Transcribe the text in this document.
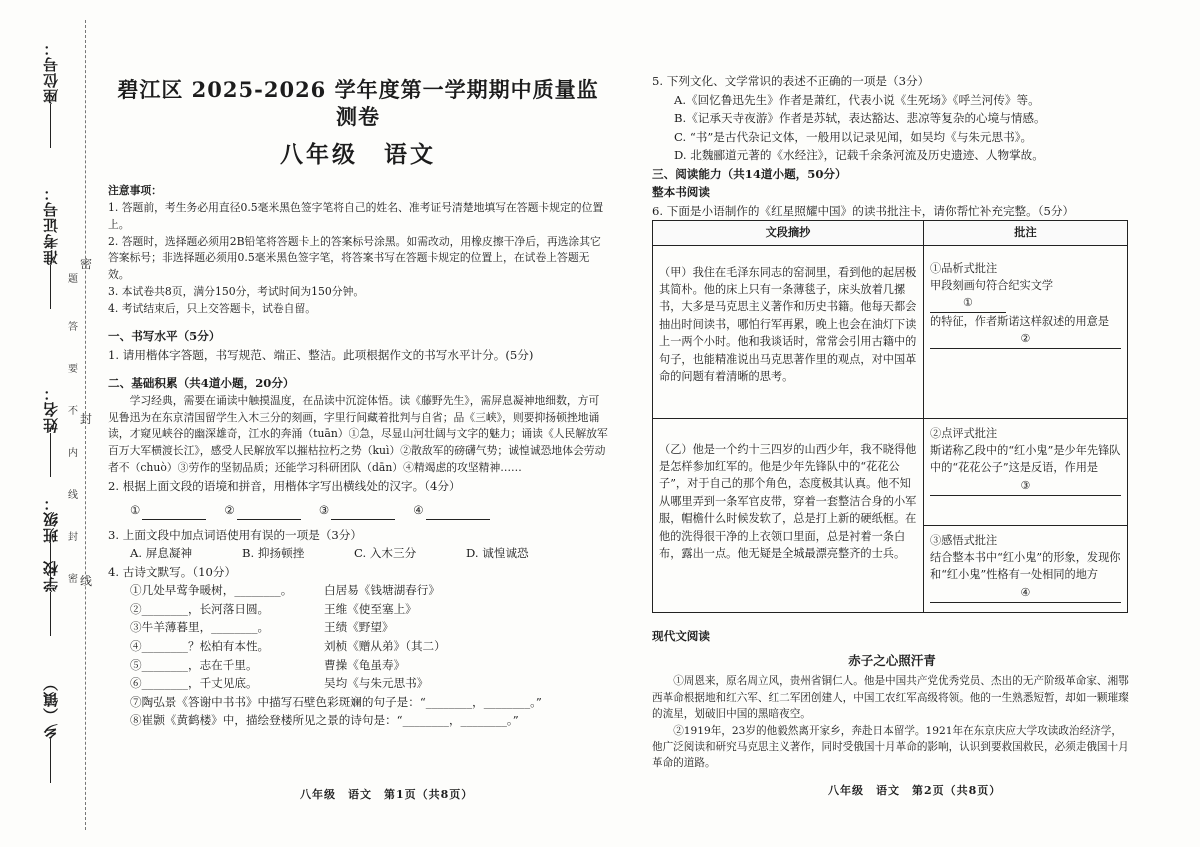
座位号：
准考证号：
姓名：
班级：
学校
乡（镇）
题
答
要
不
内
线
封
密
密
封
线
碧江区 2025-2026 学年度第一学期期中质量监测卷
八年级　语文
注意事项：

1. 答题前，考生务必用直径0.5毫米黑色签字笔将自己的姓名、准考证号清楚地填写在答题卡规定的位置上。

2. 答题时，选择题必须用2B铅笔将答题卡上的答案标号涂黑。如需改动，用橡皮擦干净后，再选涂其它答案标号；非选择题必须用0.5毫米黑色签字笔，将答案书写在答题卡规定的位置上，在试卷上答题无效。

3. 本试卷共8页，满分150分，考试时间为150分钟。

4. 考试结束后，只上交答题卡，试卷自留。

一、书写水平（5分）

1. 请用楷体字答题，书写规范、端正、整洁。此项根据作文的书写水平计分。(5分)

二、基础积累（共4道小题，20分）

学习经典，需要在诵读中触摸温度，在品读中沉淀体悟。读《藤野先生》，需屏息凝神地细数，方可见鲁迅为在东京清国留学生入木三分的刻画，字里行间藏着批判与自省；品《三峡》，则要抑扬顿挫地诵读，才窥见峡谷的幽深雄奇，江水的奔涌（tuān）①急，尽显山河壮阔与文字的魅力；诵读《人民解放军百万大军横渡长江》，感受人民解放军以摧枯拉朽之势（kuì）②散敌军的磅礴气势；诚惶诚恐地体会劳动者不（chuò）③劳作的坚韧品质；还能学习科研团队（dān）④精竭虑的攻坚精神……

2. 根据上面文段的语境和拼音，用楷体字写出横线处的汉字。（4分）

①	②	③	④

3. 上面文段中加点词语使用有误的一项是（3分）

A. 屏息凝神	B. 抑扬顿挫	C. 入木三分	D. 诚惶诚恐

4. 古诗文默写。（10分）

①几处早莺争暖树，________。	白居易《钱塘湖春行》
②________，长河落日圆。	王维《使至塞上》
③牛羊薄暮里，________。	王绩《野望》
④________？松柏有本性。	刘桢《赠从弟》（其二）
⑤________，志在千里。	曹操《龟虽寿》
⑥________，千丈见底。	吴均《与朱元思书》

⑦陶弘景《答谢中书书》中描写石壁色彩斑斓的句子是：“________，________。”

⑧崔颢《黄鹤楼》中，描绘登楼所见之景的诗句是：“________，________。”

八年级　语文　第1页（共8页）

5. 下列文化、文学常识的表述不正确的一项是（3分）

A.《回忆鲁迅先生》作者是萧红，代表小说《生死场》《呼兰河传》等。

B.《记承天寺夜游》作者是苏轼，表达豁达、悲凉等复杂的心境与情感。

C. “书”是古代杂记文体，一般用以记录见闻，如吴均《与朱元思书》。

D. 北魏郦道元著的《水经注》，记载千余条河流及历史遗迹、人物掌故。

三、阅读能力（共14道小题，50分）
整本书阅读

6. 下面是小语制作的《红星照耀中国》的读书批注卡，请你帮忙补充完整。（5分）

文段摘抄	批注
（甲）我住在毛泽东同志的窑洞里，看到他的起居极其简朴。他的床上只有一条薄毯子，床头放着几摞书，大多是马克思主义著作和历史书籍。他每天都会抽出时间读书，哪怕行军再累，晚上也会在油灯下读上一两个小时。他和我谈话时，常常会引用古籍中的句子，也能精准说出马克思著作里的观点，对中国革命的问题有着清晰的思考。	①品析式批注
甲段刻画句符合纪实文学①
的特征，作者斯诺这样叙述的用意是
②

（乙）他是一个约十三四岁的山西少年，我不晓得他是怎样参加红军的。他是少年先锋队中的“花花公子”，对于自己的那个角色，态度极其认真。他不知从哪里弄到一条军官皮带，穿着一套整洁合身的小军服，帽檐什么时候发软了，总是打上新的硬纸框。在他的洗得很干净的上衣领口里面，总是衬着一条白布，露出一点。他无疑是全城最漂亮整齐的士兵。	②点评式批注
斯诺称乙段中的“红小鬼”是少年先锋队中的“花花公子”这是反语，作用是
③

	③感悟式批注
结合整本书中“红小鬼”的形象，发现你和“红小鬼”性格有一处相同的地方
④
现代文阅读
赤子之心照汗青

①周恩来，原名周立风，贵州省铜仁人。他是中国共产党优秀党员、杰出的无产阶级革命家、湘鄂西革命根据地和红六军、红二军团创建人，中国工农红军高级将领。他的一生熟悉短暂，却如一颗璀璨的流星，划破旧中国的黑暗夜空。

②1919年，23岁的他毅然离开家乡，奔赴日本留学。1921年在东京庆应大学攻读政治经济学，他广泛阅读和研究马克思主义著作，同时受俄国十月革命的影响，认识到要救国救民，必须走俄国十月革命的道路。

八年级　语文　第2页（共8页）
